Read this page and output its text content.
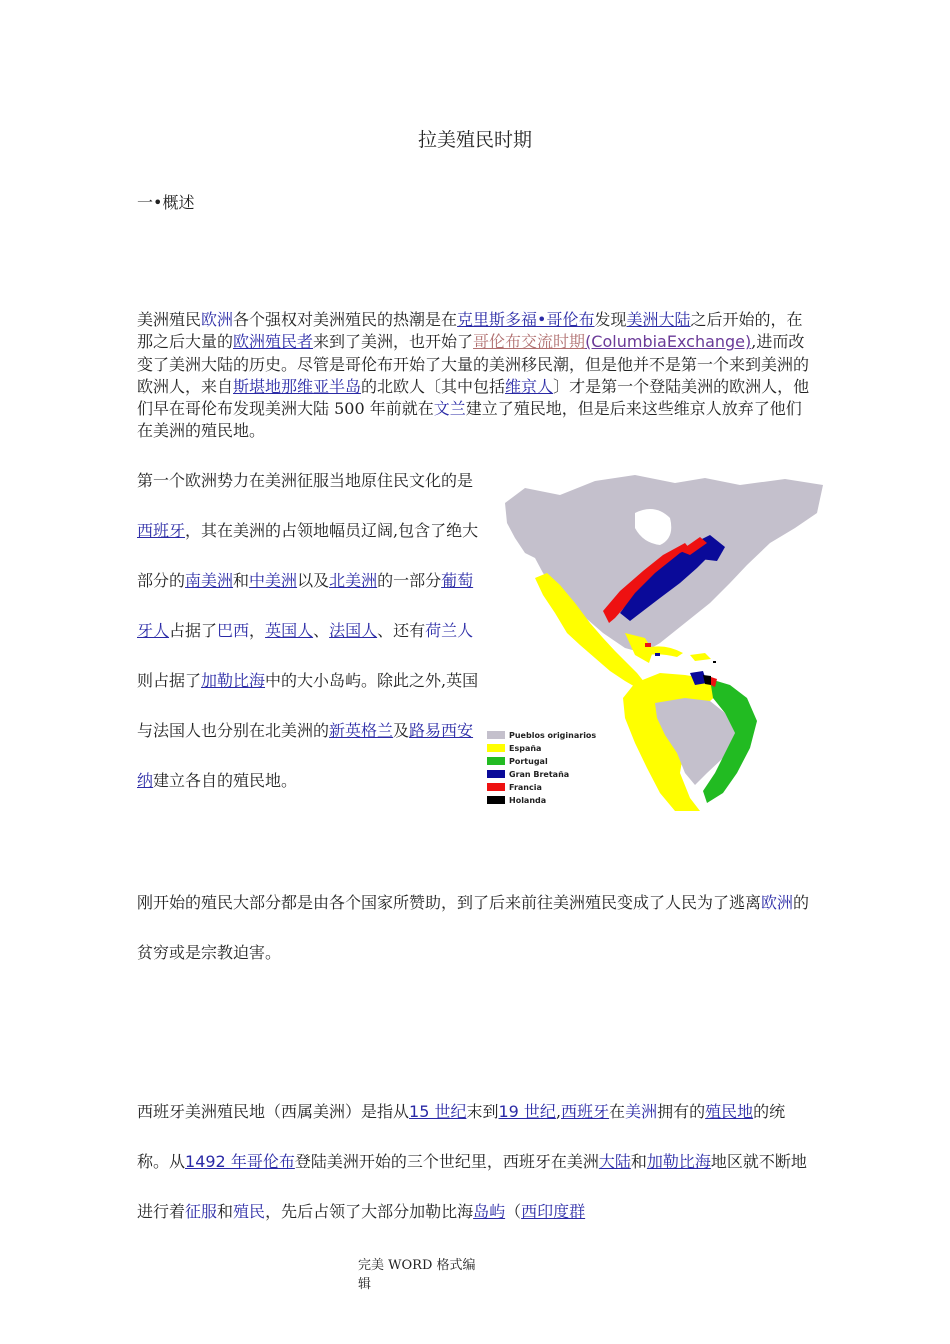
拉美殖民时期
一•概述
美洲殖民欧洲各个强权对美洲殖民的热潮是在克里斯多福•哥伦布发现美洲大陆之后开始的，在那之后大量的欧洲殖民者来到了美洲，也开始了哥伦布交流时期(ColumbiaExchange),进而改变了美洲大陆的历史。尽管是哥伦布开始了大量的美洲移民潮，但是他并不是第一个来到美洲的欧洲人，来自斯堪地那维亚半岛的北欧人〔其中包括维京人〕才是第一个登陆美洲的欧洲人，他们早在哥伦布发现美洲大陆 500 年前就在文兰建立了殖民地，但是后来这些维京人放弃了他们在美洲的殖民地。
第一个欧洲势力在美洲征服当地原住民文化的是西班牙，其在美洲的占领地幅员辽阔,包含了绝大部分的南美洲和中美洲以及北美洲的一部分葡萄牙人占据了巴西，英国人、法国人、还有荷兰人则占据了加勒比海中的大小岛屿。除此之外,英国与法国人也分别在北美洲的新英格兰及路易西安纳建立各自的殖民地。
Pueblos originarios
España
Portugal
Gran Bretaña
Francia
Holanda
刚开始的殖民大部分都是由各个国家所赞助，到了后来前往美洲殖民变成了人民为了逃离欧洲的贫穷或是宗教迫害。
西班牙美洲殖民地（西属美洲）是指从15 世纪末到19 世纪,西班牙在美洲拥有的殖民地的统称。从1492 年哥伦布登陆美洲开始的三个世纪里，西班牙在美洲大陆和加勒比海地区就不断地进行着征服和殖民，先后占领了大部分加勒比海岛屿（西印度群
完美 WORD 格式编辑
